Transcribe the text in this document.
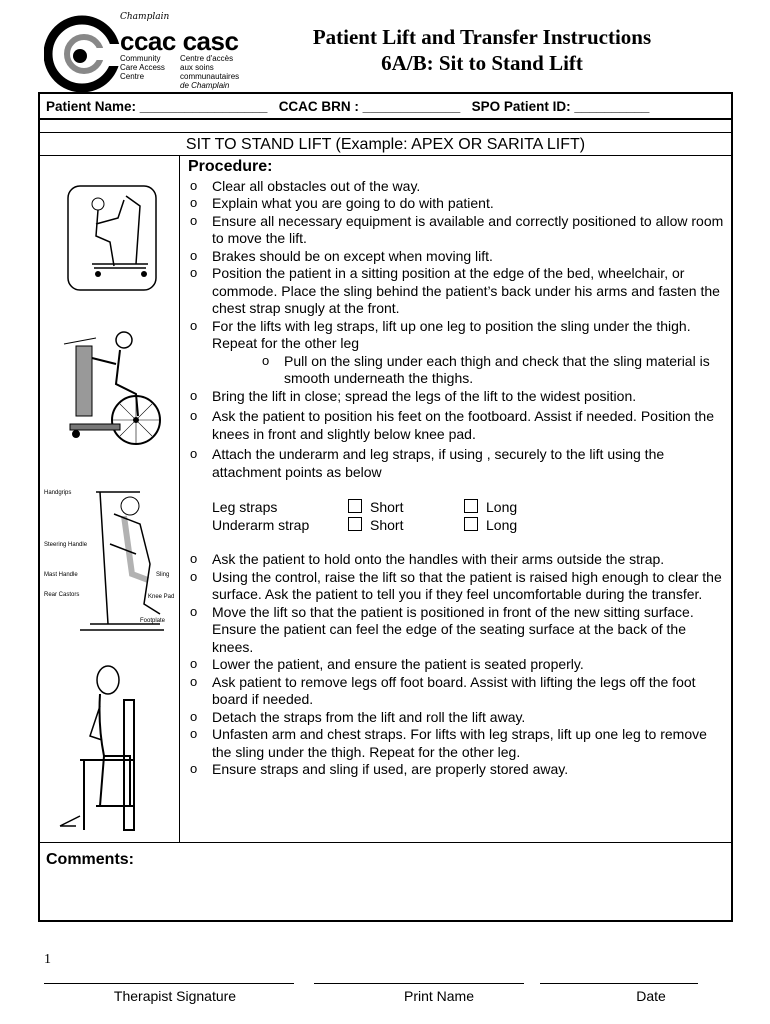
Champlain
ccac casc
Community
Care Access
Centre
Centre d'accès
aux soins
communautaires
de Champlain
Patient Lift and Transfer Instructions
6A/B: Sit to Stand Lift
Patient Name: _________________ CCAC BRN : _____________ SPO Patient ID: __________
SIT TO STAND LIFT (Example: APEX OR SARITA LIFT)
Handgrips
Steering Handle
Mast Handle
Rear Castors
Sling
Knee Pad
Footplate
Procedure:
o Clear all obstacles out of the way.
o Explain what you are going to do with patient.
o Ensure all necessary equipment is available and correctly positioned to allow room to move the lift.
o Brakes should be on except when moving lift.
o Position the patient in a sitting position at the edge of the bed, wheelchair, or commode. Place the sling behind the patient’s back under his arms and fasten the chest strap snugly at the front.
o For the lifts with leg straps, lift up one leg to position the sling under the thigh. Repeat for the other leg
o Pull on the sling under each thigh and check that the sling material is smooth underneath the thighs.
o Bring the lift in close; spread the legs of the lift to the widest position.
o Ask the patient to position his feet on the footboard. Assist if needed. Position the knees in front and slightly below knee pad.
o Attach the underarm and leg straps, if using , securely to the lift using the attachment points as below
Leg straps
Underarm strap
Short
Short
Long
Long
o Ask the patient to hold onto the handles with their arms outside the strap.
o Using the control, raise the lift so that the patient is raised high enough to clear the surface. Ask the patient to tell you if they feel uncomfortable during the transfer.
o Move the lift so that the patient is positioned in front of the new sitting surface. Ensure the patient can feel the edge of the seating surface at the back of the knees.
o Lower the patient, and ensure the patient is seated properly.
o Ask patient to remove legs off foot board. Assist with lifting the legs off the foot board if needed.
o Detach the straps from the lift and roll the lift away.
o Unfasten arm and chest straps. For lifts with leg straps, lift up one leg to remove the sling under the thigh. Repeat for the other leg.
o Ensure straps and sling if used, are properly stored away.
Comments:
1
Therapist Signature	Print Name	Date
